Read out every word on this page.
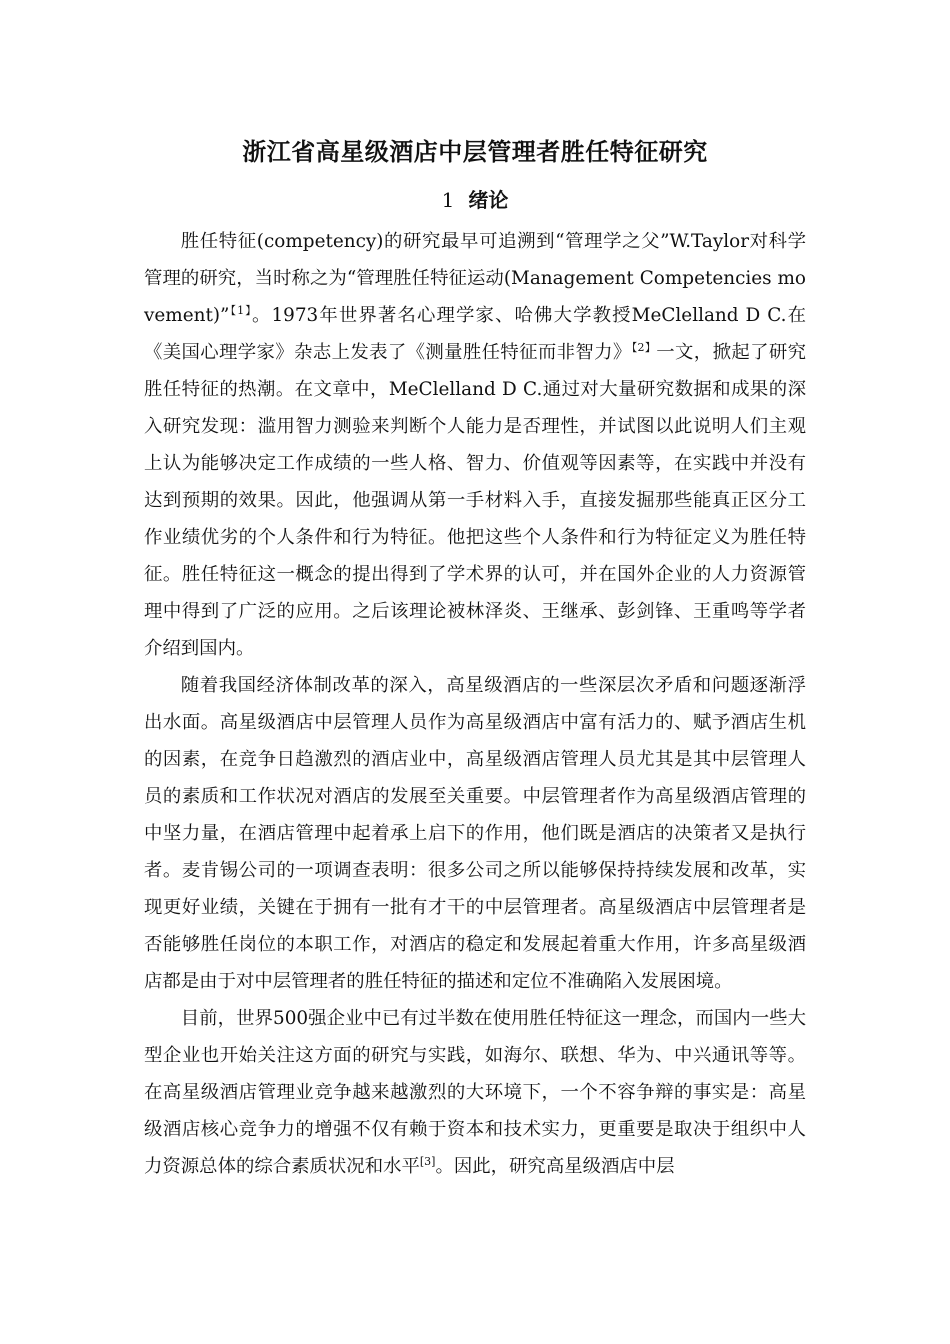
浙江省高星级酒店中层管理者胜任特征研究
1 绪论

胜任特征(competency)的研究最早可追溯到“管理学之父”W.Taylor对科学管理的研究，当时称之为“管理胜任特征运动(Management Competencies movement)”$^{【1】}$。1973年世界著名心理学家、哈佛大学教授MeClelland D C.在《美国心理学家》杂志上发表了《测量胜任特征而非智力》$^{【2】}$一文，掀起了研究胜任特征的热潮。在文章中，MeClelland D C.通过对大量研究数据和成果的深入研究发现：滥用智力测验来判断个人能力是否理性，并试图以此说明人们主观上认为能够决定工作成绩的一些人格、智力、价值观等因素等，在实践中并没有达到预期的效果。因此，他强调从第一手材料入手，直接发掘那些能真正区分工作业绩优劣的个人条件和行为特征。他把这些个人条件和行为特征定义为胜任特征。胜任特征这一概念的提出得到了学术界的认可，并在国外企业的人力资源管理中得到了广泛的应用。之后该理论被林泽炎、王继承、彭剑锋、王重鸣等学者介绍到国内。

随着我国经济体制改革的深入，高星级酒店的一些深层次矛盾和问题逐渐浮出水面。高星级酒店中层管理人员作为高星级酒店中富有活力的、赋予酒店生机的因素，在竞争日趋激烈的酒店业中，高星级酒店管理人员尤其是其中层管理人员的素质和工作状况对酒店的发展至关重要。中层管理者作为高星级酒店管理的中坚力量，在酒店管理中起着承上启下的作用，他们既是酒店的决策者又是执行者。麦肯锡公司的一项调查表明：很多公司之所以能够保持持续发展和改革，实现更好业绩，关键在于拥有一批有才干的中层管理者。高星级酒店中层管理者是否能够胜任岗位的本职工作，对酒店的稳定和发展起着重大作用，许多高星级酒店都是由于对中层管理者的胜任特征的描述和定位不准确陷入发展困境。

目前，世界500强企业中已有过半数在使用胜任特征这一理念，而国内一些大型企业也开始关注这方面的研究与实践，如海尔、联想、华为、中兴通讯等等。在高星级酒店管理业竞争越来越激烈的大环境下，一个不容争辩的事实是：高星级酒店核心竞争力的增强不仅有赖于资本和技术实力，更重要是取决于组织中人力资源总体的综合素质状况和水平[3]。因此，研究高星级酒店中层
